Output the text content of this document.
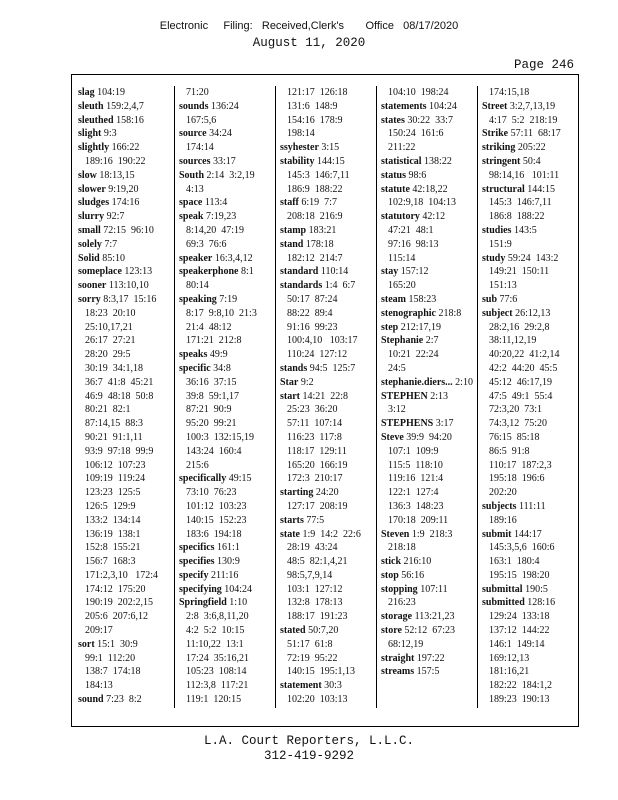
Electronic     Filing:   Received,Clerk's       Office   08/17/2020
August 11, 2020
Page 246
slag 104:19
sleuth 159:2,4,7
sleuthed 158:16
slight 9:3
slightly 166:22
189:16  190:22
slow 18:13,15
slower 9:19,20
sludges 174:16
slurry 92:7
small 72:15  96:10
solely 7:7
Solid 85:10
someplace 123:13
sooner 113:10,10
sorry 8:3,17  15:16
18:23  20:10
25:10,17,21
26:17  27:21
28:20  29:5
30:19  34:1,18
36:7  41:8  45:21
46:9  48:18  50:8
80:21  82:1
87:14,15  88:3
90:21  91:1,11
93:9  97:18  99:9
106:12  107:23
109:19  119:24
123:23  125:5
126:5  129:9
133:2  134:14
136:19  138:1
152:8  155:21
156:7  168:3
171:2,3,10   172:4
174:12  175:20
190:19  202:2,15
205:6  207:6,12
209:17
sort 15:1  30:9
99:1  112:20
138:7  174:18
184:13
sound 7:23  8:2
71:20
sounds 136:24
167:5,6
source 34:24
174:14
sources 33:17
South 2:14  3:2,19
4:13
space 113:4
speak 7:19,23
8:14,20  47:19
69:3  76:6
speaker 16:3,4,12
speakerphone 8:1
80:14
speaking 7:19
8:17  9:8,10  21:3
21:4  48:12
171:21  212:8
speaks 49:9
specific 34:8
36:16  37:15
39:8  59:1,17
87:21  90:9
95:20  99:21
100:3  132:15,19
143:24  160:4
215:6
specifically 49:15
73:10  76:23
101:12  103:23
140:15  152:23
183:6  194:18
specifics 161:1
specifies 130:9
specify 211:16
specifying 104:24
Springfield 1:10
2:8  3:6,8,11,20
4:2  5:2  10:15
11:10,22  13:1
17:24  35:16,21
105:23  108:14
112:3,8  117:21
119:1  120:15
121:17  126:18
131:6  148:9
154:16  178:9
198:14
ssyhester 3:15
stability 144:15
145:3  146:7,11
186:9  188:22
staff 6:19  7:7
208:18  216:9
stamp 183:21
stand 178:18
182:12  214:7
standard 110:14
standards 1:4  6:7
50:17  87:24
88:22  89:4
91:16  99:23
100:4,10   103:17
110:24  127:12
stands 94:5  125:7
Star 9:2
start 14:21  22:8
25:23  36:20
57:11  107:14
116:23  117:8
118:17  129:11
165:20  166:19
172:3  210:17
starting 24:20
127:17  208:19
starts 77:5
state 1:9  14:2  22:6
28:19  43:24
48:5  82:1,4,21
98:5,7,9,14
103:1  127:12
132:8  178:13
188:17  191:23
stated 50:7,20
51:17  61:8
72:19  95:22
140:15  195:1,13
statement 30:3
102:20  103:13
104:10  198:24
statements 104:24
states 30:22  33:7
150:24  161:6
211:22
statistical 138:22
status 98:6
statute 42:18,22
102:9,18  104:13
statutory 42:12
47:21  48:1
97:16  98:13
115:14
stay 157:12
165:20
steam 158:23
stenographic 218:8
step 212:17,19
Stephanie 2:7
10:21  22:24
24:5
stephanie.diers... 2:10
STEPHEN 2:13
3:12
STEPHENS 3:17
Steve 39:9  94:20
107:1  109:9
115:5  118:10
119:16  121:4
122:1  127:4
136:3  148:23
170:18  209:11
Steven 1:9  218:3
218:18
stick 216:10
stop 56:16
stopping 107:11
216:23
storage 113:21,23
store 52:12  67:23
68:12,19
straight 197:22
streams 157:5
174:15,18
Street 3:2,7,13,19
4:17  5:2  218:19
Strike 57:11  68:17
striking 205:22
stringent 50:4
98:14,16   101:11
structural 144:15
145:3  146:7,11
186:8  188:22
studies 143:5
151:9
study 59:24  143:2
149:21  150:11
151:13
sub 77:6
subject 26:12,13
28:2,16  29:2,8
38:11,12,19
40:20,22  41:2,14
42:2  44:20  45:5
45:12  46:17,19
47:5  49:1  55:4
72:3,20  73:1
74:3,12  75:20
76:15  85:18
86:5  91:8
110:17  187:2,3
195:18  196:6
202:20
subjects 111:11
189:16
submit 144:17
145:3,5,6  160:6
163:1  180:4
195:15  198:20
submittal 190:5
submitted 128:16
129:24  133:18
137:12  144:22
146:1  149:14
169:12,13
181:16,21
182:22  184:1,2
189:23  190:13
L.A. Court Reporters, L.L.C.
312-419-9292
